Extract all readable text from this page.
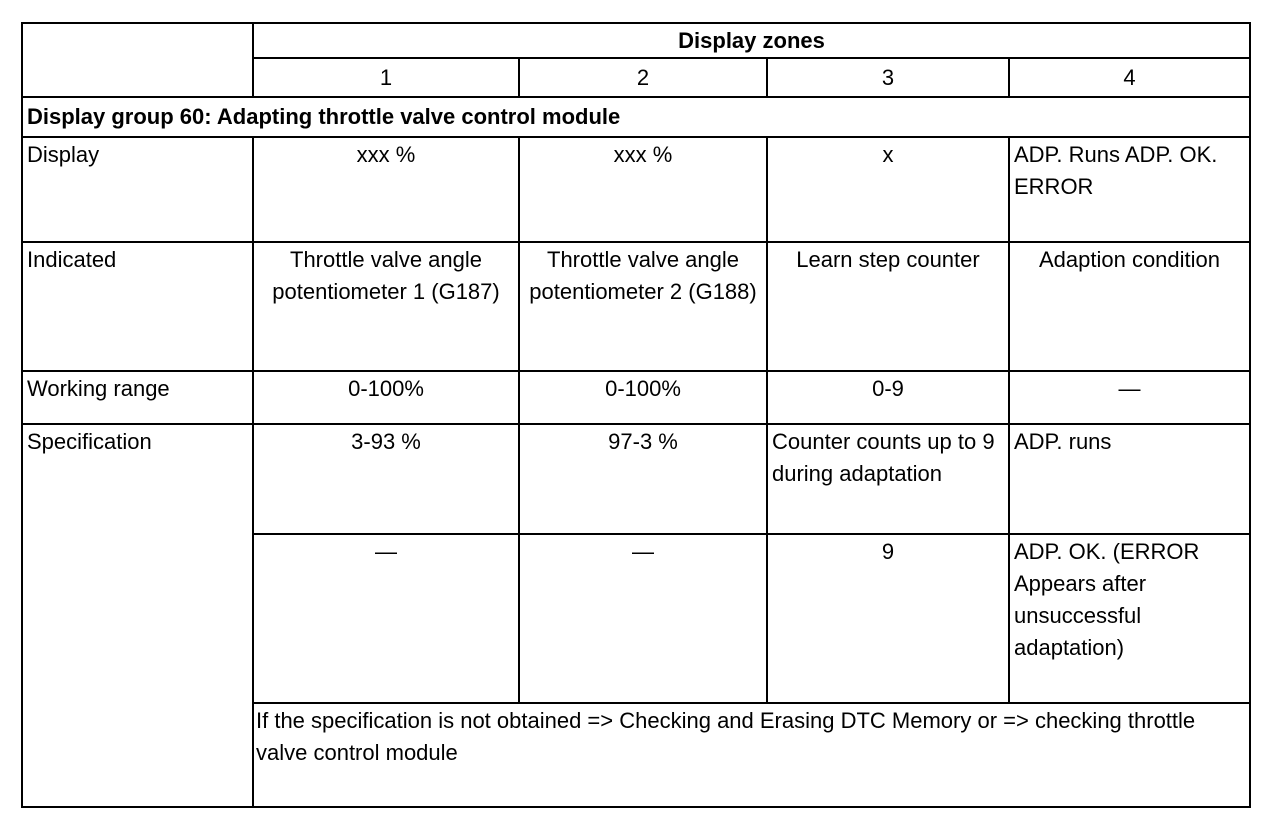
	Display zones			
	1	2	3	4
Display group 60: Adapting throttle valve control module				
Display	xxx %	xxx %	x	ADP. Runs ADP. OK. ERROR
Indicated	Throttle valve angle potentiometer 1 (G187)	Throttle valve angle potentiometer 2 (G188)	Learn step counter	Adaption condition
Working range	0-100%	0-100%	0-9	—
Specification	3-93 %	97-3 %	Counter counts up to 9 during adaptation	ADP. runs
	—	—	9	ADP. OK. (ERROR Appears after unsuccessful adaptation)
	If the specification is not obtained => Checking and Erasing DTC Memory or => checking throttle valve control module			
